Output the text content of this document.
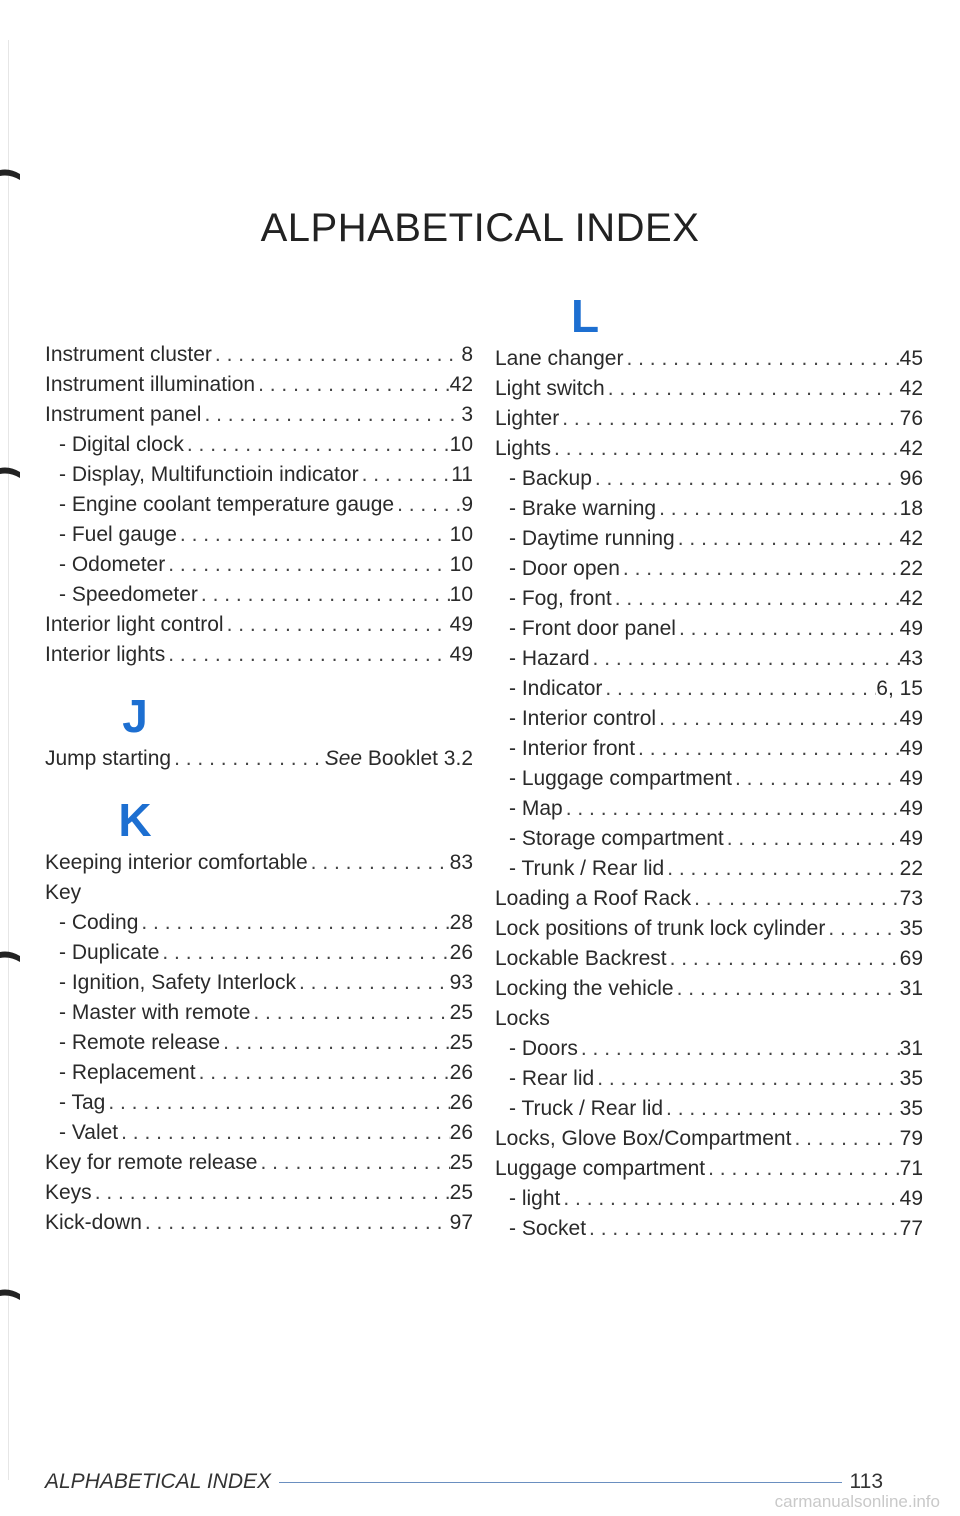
ALPHABETICAL INDEX
Instrument cluster . . .	8
Instrument illumination . . .	42
Instrument panel . . .	3
- Digital clock . . .	10
- Display, Multifunctioin indicator . . .	11
- Engine coolant temperature gauge . . .	9
- Fuel gauge . . .	10
- Odometer . . .	10
- Speedometer . . .	10
Interior light control . . .	49
Interior lights . . .	49
J
Jump starting . . .	See Booklet 3.2
K
Keeping interior comfortable . . .	83
Key
- Coding . . .	28
- Duplicate . . .	26
- Ignition, Safety Interlock . . .	93
- Master with remote . . .	25
- Remote release . . .	25
- Replacement . . .	26
- Tag . . .	26
- Valet . . .	26
Key for remote release . . .	25
Keys . . .	25
Kick-down . . .	97
L
Lane changer . . .	45
Light switch . . .	42
Lighter . . .	76
Lights . . .	42
- Backup . . .	96
- Brake warning . . .	18
- Daytime running . . .	42
- Door open . . .	22
- Fog, front . . .	42
- Front door panel . . .	49
- Hazard . . .	43
- Indicator . . .	6, 15
- Interior control . . .	49
- Interior front . . .	49
- Luggage compartment . . .	49
- Map . . .	49
- Storage compartment . . .	49
- Trunk / Rear lid . . .	22
Loading a Roof Rack . . .	73
Lock positions of trunk lock cylinder . . .	35
Lockable Backrest . . .	69
Locking the vehicle . . .	31
Locks
- Doors . . .	31
- Rear lid . . .	35
- Truck / Rear lid . . .	35
Locks, Glove Box/Compartment . . .	79
Luggage compartment . . .	71
- light . . .	49
- Socket . . .	77
ALPHABETICAL INDEX	113
carmanualsonline.info
